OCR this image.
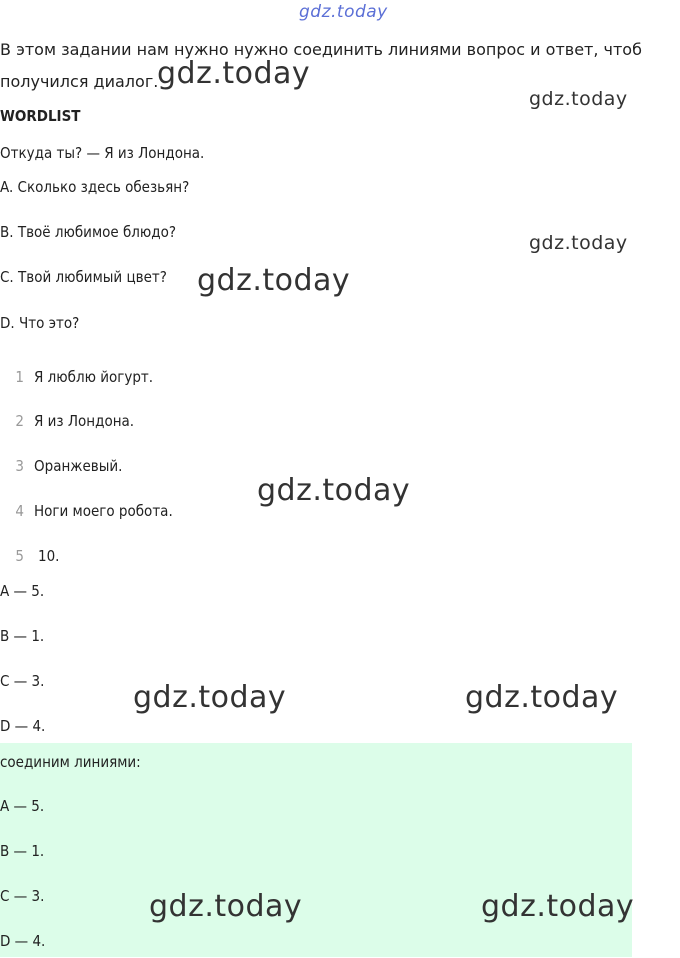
gdz.today
В этом задании нам нужно нужно соединить линиями вопрос и ответ, чтоб получился диалог.
gdz.today
gdz.today
WORDLIST
Откуда ты? — Я из Лондона.
A. Сколько здесь обезьян?
B. Твоё любимое блюдо?	gdz.today
C. Твой любимый цвет? gdz.today
D. Что это?
1 Я люблю йогурт.
2 Я из Лондона.
3 Оранжевый.
gdz.today
4 Ноги моего робота.
5 10.
A — 5.
B — 1.
C — 3.	gdz.today	gdz.today
D — 4.
соединим линиями:
A — 5.
B — 1.
C — 3.	gdz.today	gdz.today
D — 4.
